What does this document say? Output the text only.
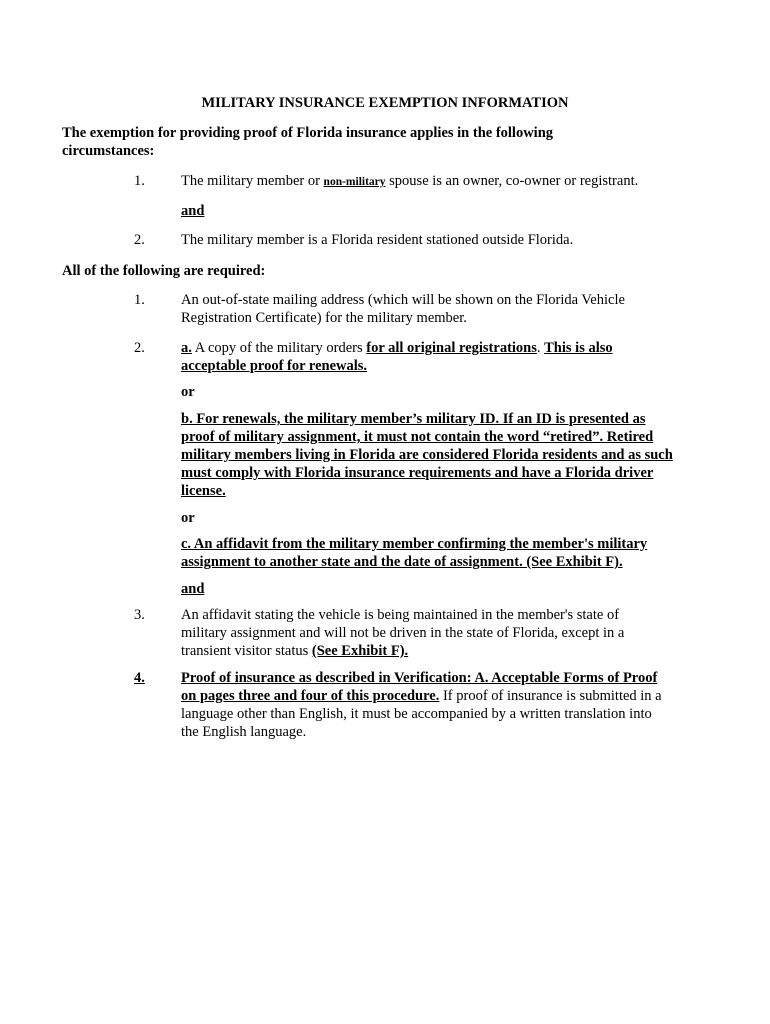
MILITARY INSURANCE EXEMPTION INFORMATION
The exemption for providing proof of Florida insurance applies in the following circumstances:
1. The military member or non-military spouse is an owner, co-owner or registrant.
and
2. The military member is a Florida resident stationed outside Florida.
All of the following are required:
1. An out-of-state mailing address (which will be shown on the Florida Vehicle Registration Certificate) for the military member.
2. a. A copy of the military orders for all original registrations. This is also acceptable proof for renewals.
or
b. For renewals, the military member’s military ID. If an ID is presented as proof of military assignment, it must not contain the word “retired”. Retired military members living in Florida are considered Florida residents and as such must comply with Florida insurance requirements and have a Florida driver license.
or
c. An affidavit from the military member confirming the member's military assignment to another state and the date of assignment. (See Exhibit F).
and
3. An affidavit stating the vehicle is being maintained in the member's state of military assignment and will not be driven in the state of Florida, except in a transient visitor status (See Exhibit F).
4. Proof of insurance as described in Verification: A. Acceptable Forms of Proof on pages three and four of this procedure. If proof of insurance is submitted in a language other than English, it must be accompanied by a written translation into the English language.
